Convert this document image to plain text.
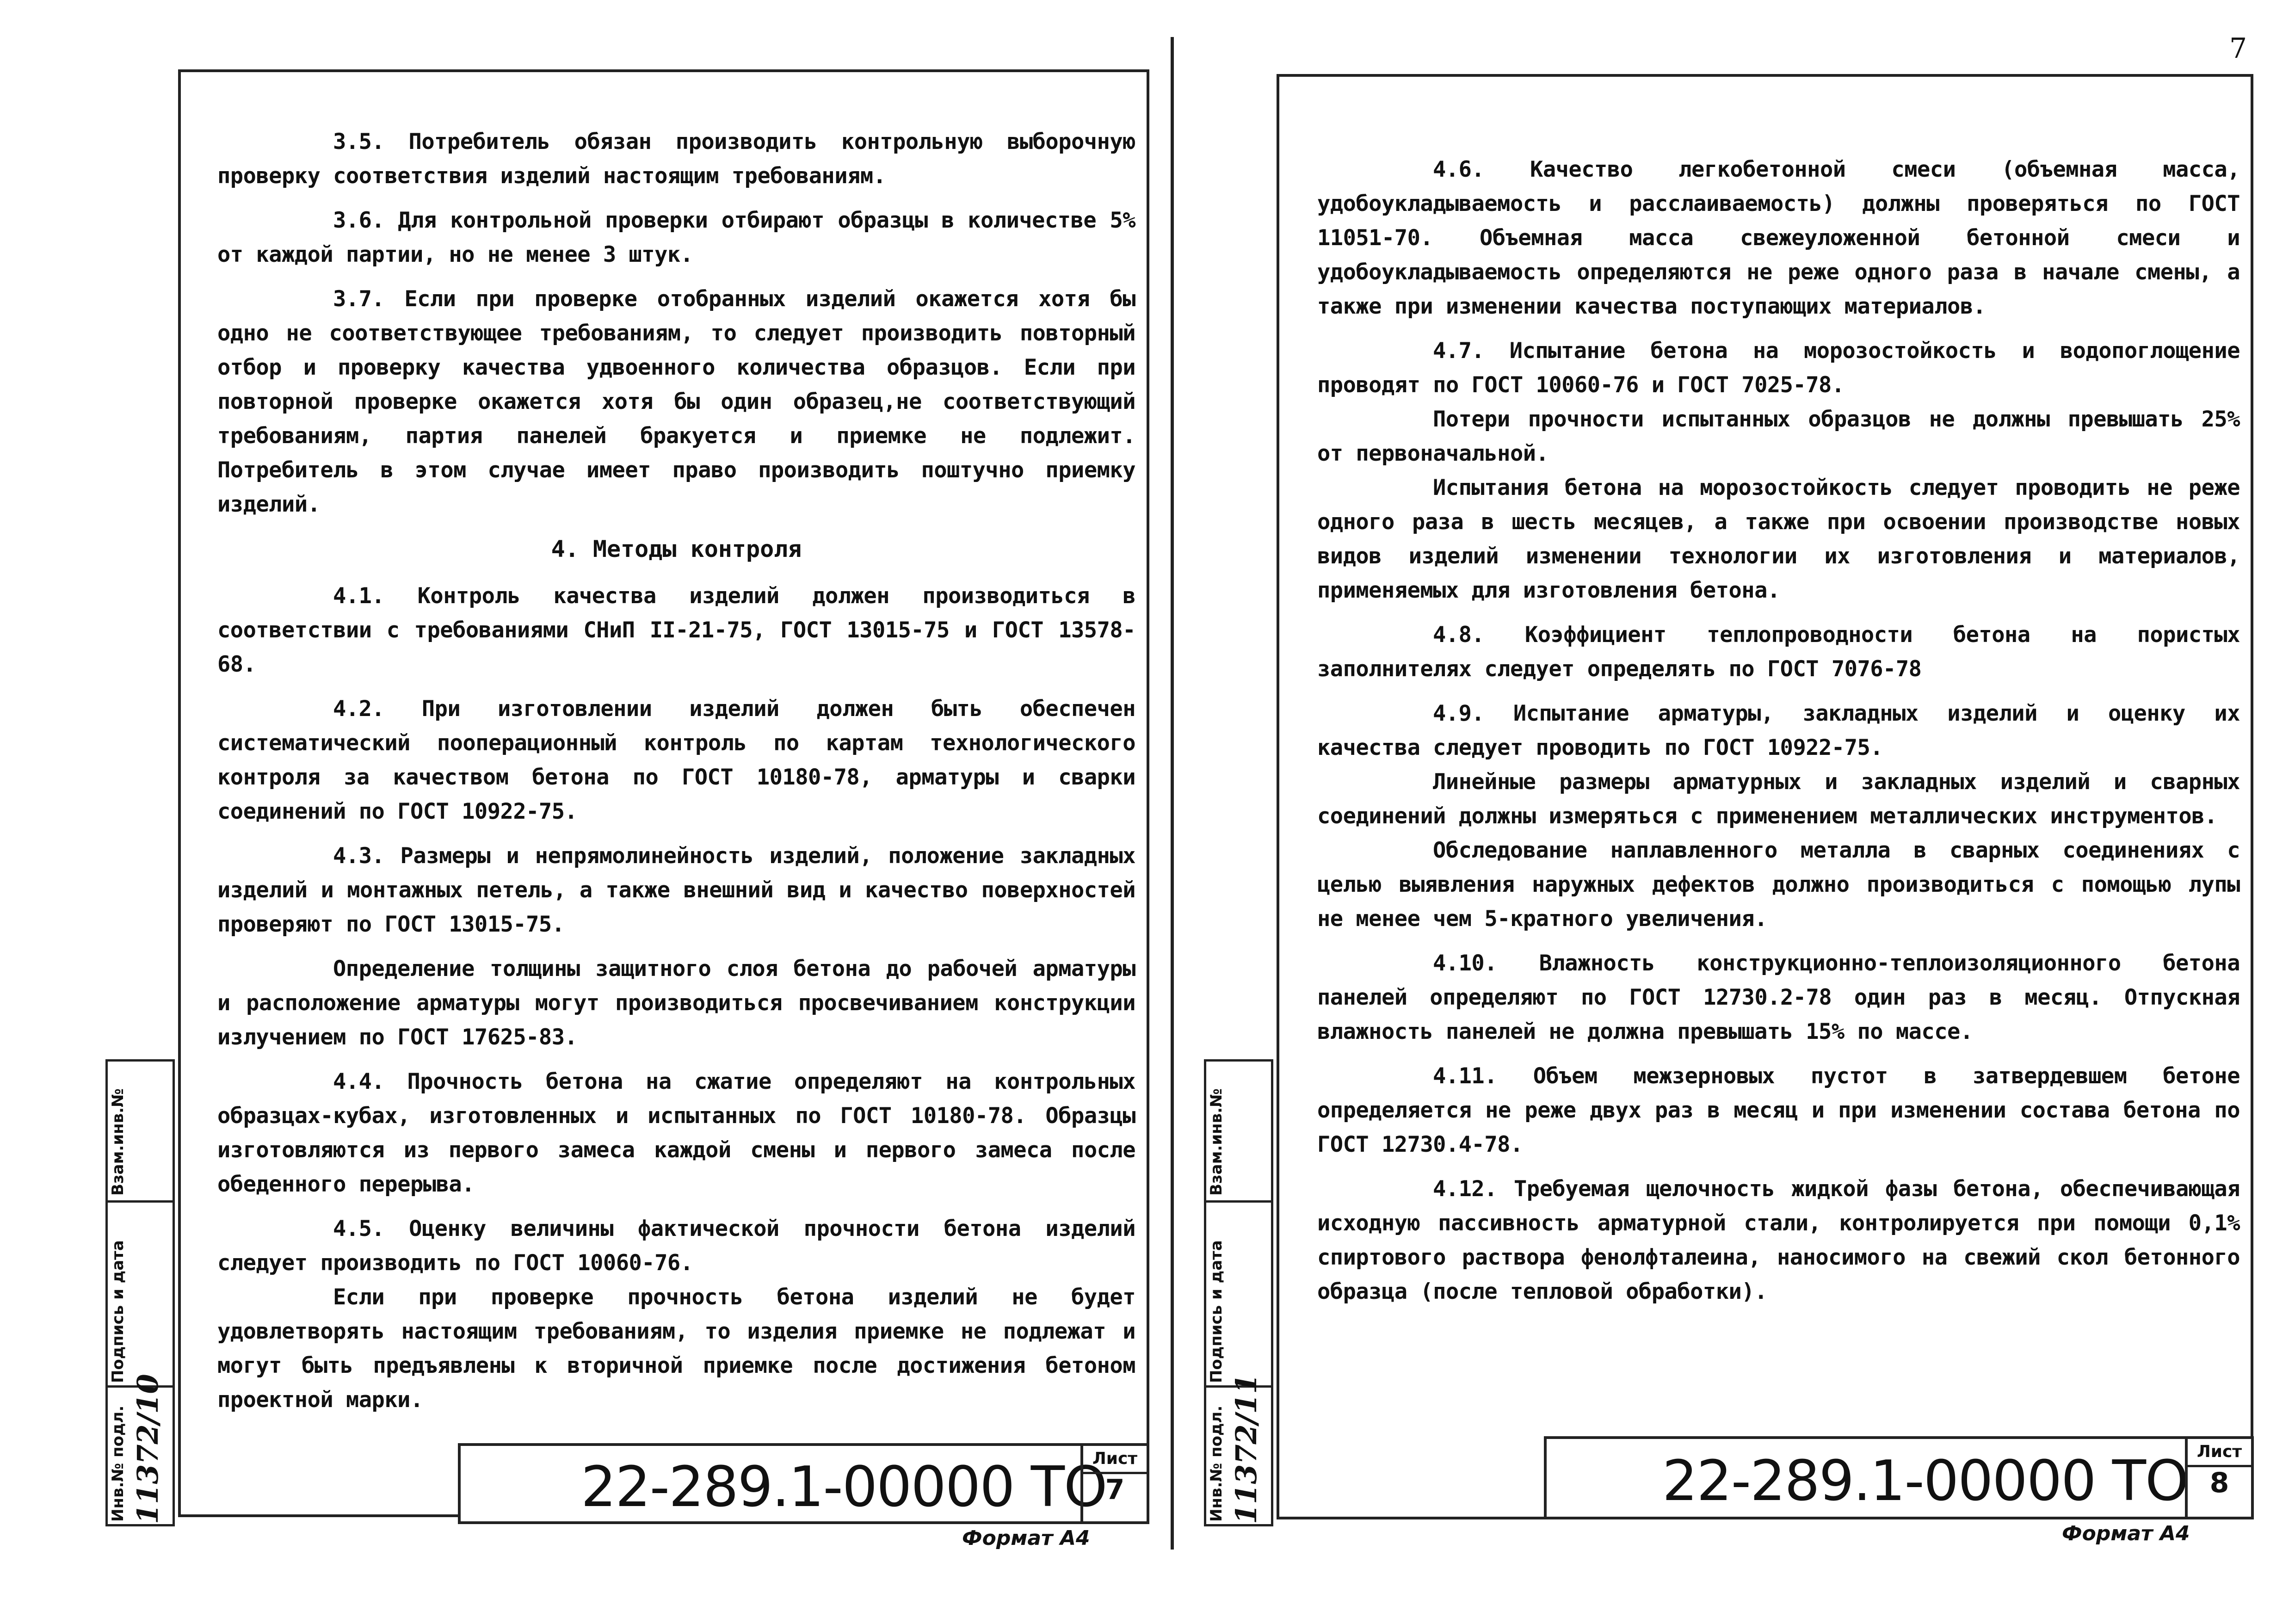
7

3.5. Потребитель обязан производить контрольную выборочную проверку соответствия изделий настоящим требованиям.

3.6. Для контрольной проверки отбирают образцы в количестве 5% от каждой партии, но не менее 3 штук.

3.7. Если при проверке отобранных изделий окажется хотя бы одно не соответствующее требованиям, то следует производить повторный отбор и проверку качества удвоенного количества образцов. Если при повторной проверке окажется хотя бы один образец,не соответствующий требованиям, партия панелей бракуется и приемке не подлежит. Потребитель в этом случае имеет право производить поштучно приемку изделий.

4. Методы контроля

4.1. Контроль качества изделий должен производиться в соответствии с требованиями СНиП II-21-75, ГОСТ 13015-75 и ГОСТ 13578-68.

4.2. При изготовлении изделий должен быть обеспечен систематический пооперационный контроль по картам технологического контроля за качеством бетона по ГОСТ 10180-78, арматуры и сварки соединений по ГОСТ 10922-75.

4.3. Размеры и непрямолинейность изделий, положение закладных изделий и монтажных петель, а также внешний вид и качество поверхностей проверяют по ГОСТ 13015-75.

Определение толщины защитного слоя бетона до рабочей арматуры и расположение арматуры могут производиться просвечиванием конструкции излучением по ГОСТ 17625-83.

4.4. Прочность бетона на сжатие определяют на контрольных образцах-кубах, изготовленных и испытанных по ГОСТ 10180-78. Образцы изготовляются из первого замеса каждой смены и первого замеса после обеденного перерыва.

4.5. Оценку величины фактической прочности бетона изделий следует производить по ГОСТ 10060-76.

Если при проверке прочность бетона изделий не будет удовлетворять настоящим требованиям, то изделия приемке не подлежат и могут быть предъявлены к вторичной приемке после достижения бетоном проектной марки.

Взам.инв.№
Подпись и дата
Инв.№ подл. 11372/10	22-289.1-00000 ТО
Лист
7
Формат А4

4.6. Качество легкобетонной смеси (объемная масса, удобоукладываемость и расслаиваемость) должны проверяться по ГОСТ 11051-70. Объемная масса свежеуложенной бетонной смеси и удобоукладываемость определяются не реже одного раза в начале смены, а также при изменении качества поступающих материалов.

4.7. Испытание бетона на морозостойкость и водопоглощение проводят по ГОСТ 10060-76 и ГОСТ 7025-78.

Потери прочности испытанных образцов не должны превышать 25% от первоначальной.

Испытания бетона на морозостойкость следует проводить не реже одного раза в шесть месяцев, а также при освоении производстве новых видов изделий изменении технологии их изготовления и материалов, применяемых для изготовления бетона.

4.8. Коэффициент теплопроводности бетона на пористых заполнителях следует определять по ГОСТ 7076-78

4.9. Испытание арматуры, закладных изделий и оценку их качества следует проводить по ГОСТ 10922-75.

Линейные размеры арматурных и закладных изделий и сварных соединений должны измеряться с применением металлических инструментов.

Обследование наплавленного металла в сварных соединениях с целью выявления наружных дефектов должно производиться с помощью лупы не менее чем 5-кратного увеличения.

4.10. Влажность конструкционно-теплоизоляционного бетона панелей определяют по ГОСТ 12730.2-78 один раз в месяц. Отпускная влажность панелей не должна превышать 15% по массе.

4.11. Объем межзерновых пустот в затвердевшем бетоне определяется не реже двух раз в месяц и при изменении состава бетона по ГОСТ 12730.4-78.

4.12. Требуемая щелочность жидкой фазы бетона, обеспечивающая исходную пассивность арматурной стали, контролируется при помощи 0,1% спиртового раствора фенолфталеина, наносимого на свежий скол бетонного образца (после тепловой обработки).

Взам.инв.№
Подпись и дата
Инв.№ подл. 11372/11	22-289.1-00000 ТО Лист
8
Формат А4
